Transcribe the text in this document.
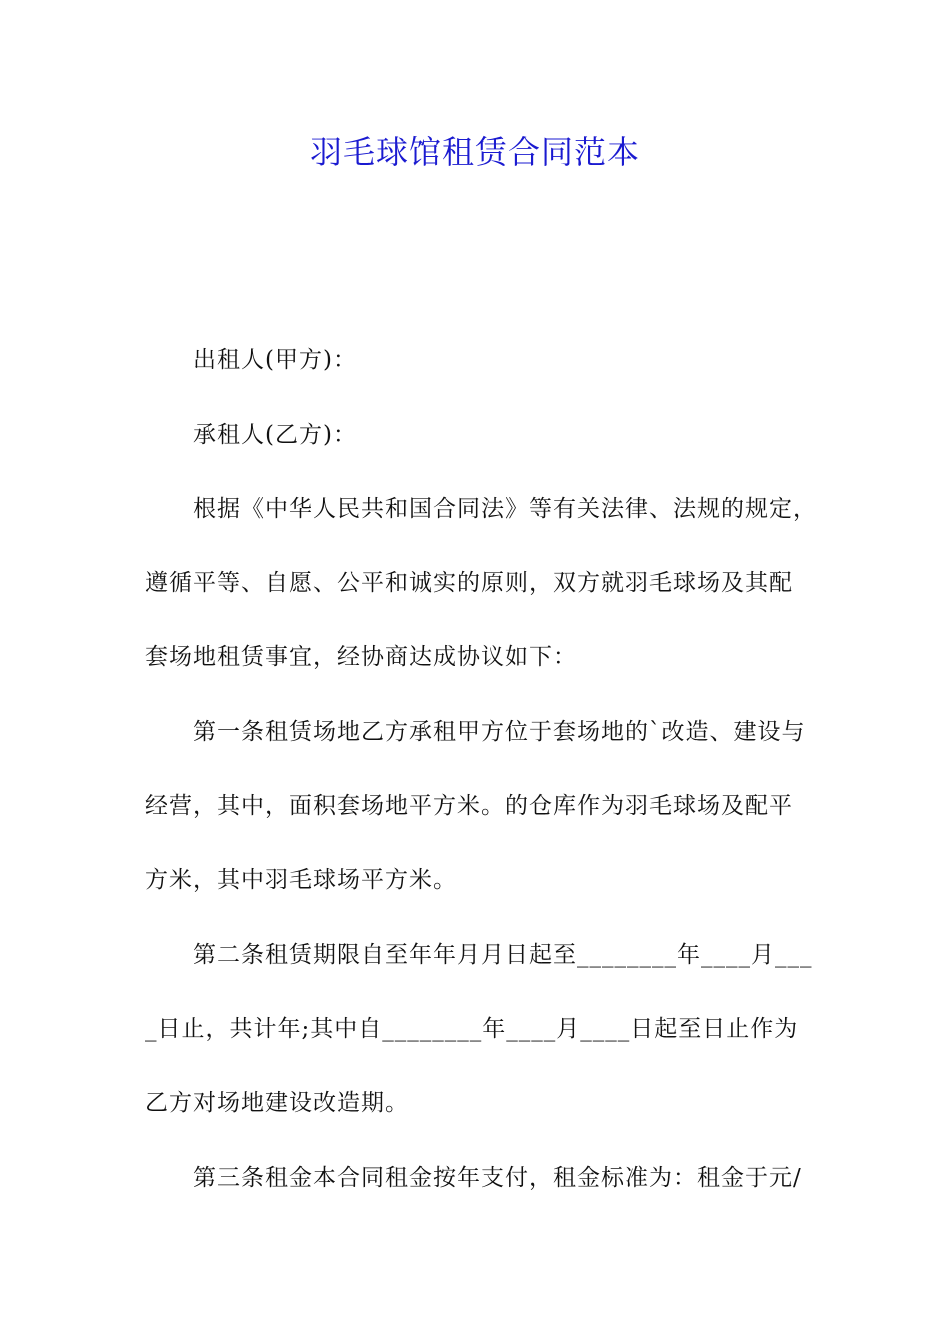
羽毛球馆租赁合同范本
出租人(甲方)：
承租人(乙方)：
根据《中华人民共和国合同法》等有关法律、法规的规定，
遵循平等、自愿、公平和诚实的原则，双方就羽毛球场及其配
套场地租赁事宜，经协商达成协议如下：
第一条租赁场地乙方承租甲方位于套场地的`改造、建设与
经营，其中，面积套场地平方米。的仓库作为羽毛球场及配平
方米，其中羽毛球场平方米。
第二条租赁期限自至年年月月日起至________年____月___
_日止，共计年;其中自________年____月____日起至日止作为
乙方对场地建设改造期。
第三条租金本合同租金按年支付，租金标准为：租金于元/
